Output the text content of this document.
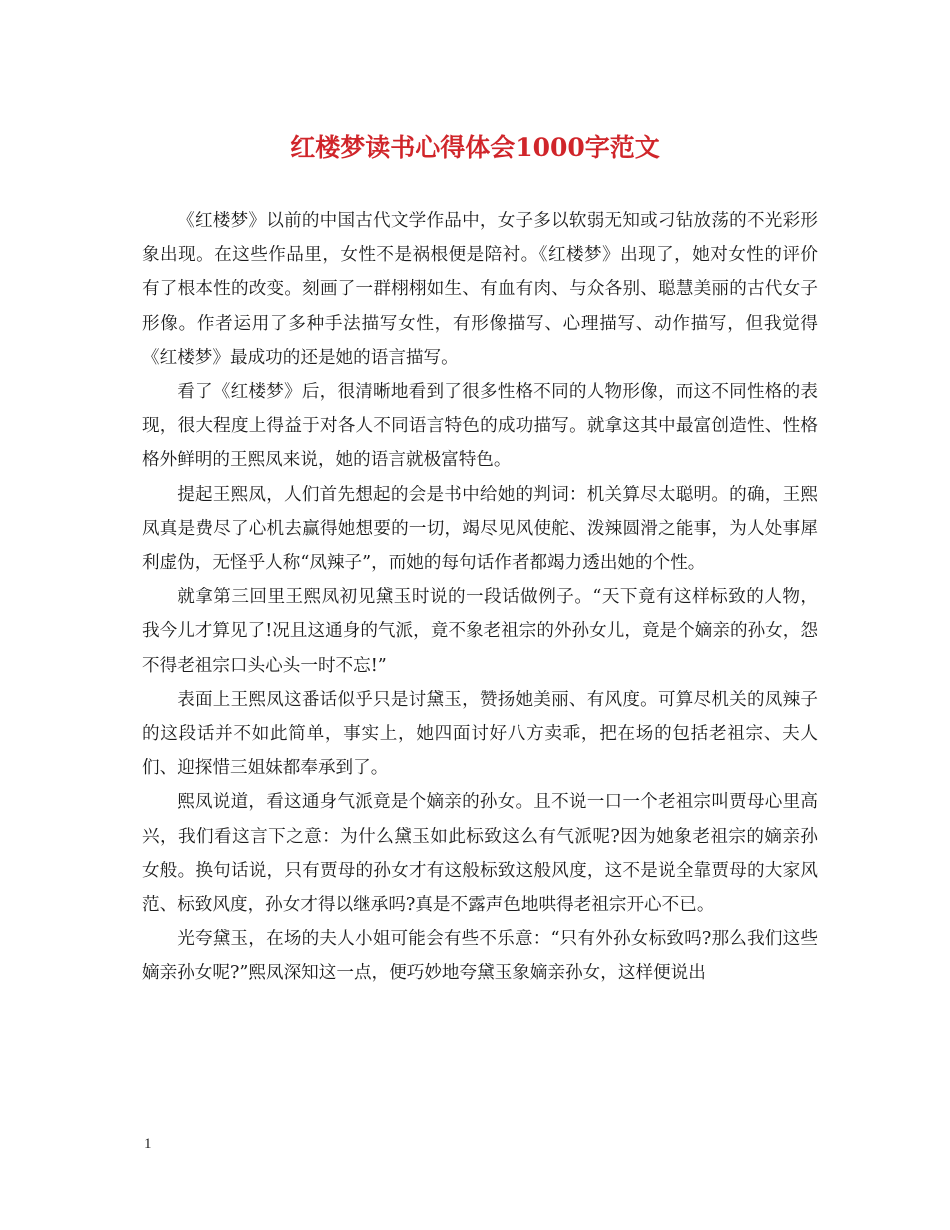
红楼梦读书心得体会1000字范文

《红楼梦》以前的中国古代文学作品中，女子多以软弱无知或刁钻放荡的不光彩形象出现。在这些作品里，女性不是祸根便是陪衬。《红楼梦》出现了，她对女性的评价有了根本性的改变。刻画了一群栩栩如生、有血有肉、与众各别、聪慧美丽的古代女子形像。作者运用了多种手法描写女性，有形像描写、心理描写、动作描写，但我觉得《红楼梦》最成功的还是她的语言描写。

看了《红楼梦》后，很清晰地看到了很多性格不同的人物形像，而这不同性格的表现，很大程度上得益于对各人不同语言特色的成功描写。就拿这其中最富创造性、性格格外鲜明的王熙凤来说，她的语言就极富特色。

提起王熙凤，人们首先想起的会是书中给她的判词：机关算尽太聪明。的确，王熙凤真是费尽了心机去赢得她想要的一切，竭尽见风使舵、泼辣圆滑之能事，为人处事犀利虚伪，无怪乎人称“凤辣子”，而她的每句话作者都竭力透出她的个性。

就拿第三回里王熙凤初见黛玉时说的一段话做例子。“天下竟有这样标致的人物，我今儿才算见了!况且这通身的气派，竟不象老祖宗的外孙女儿，竟是个嫡亲的孙女，怨不得老祖宗口头心头一时不忘!”

表面上王熙凤这番话似乎只是讨黛玉，赞扬她美丽、有风度。可算尽机关的凤辣子的这段话并不如此简单，事实上，她四面讨好八方卖乖，把在场的包括老祖宗、夫人们、迎探惜三姐妹都奉承到了。

熙凤说道，看这通身气派竟是个嫡亲的孙女。且不说一口一个老祖宗叫贾母心里高兴，我们看这言下之意：为什么黛玉如此标致这么有气派呢?因为她象老祖宗的嫡亲孙女般。换句话说，只有贾母的孙女才有这般标致这般风度，这不是说全靠贾母的大家风范、标致风度，孙女才得以继承吗?真是不露声色地哄得老祖宗开心不已。

光夸黛玉，在场的夫人小姐可能会有些不乐意：“只有外孙女标致吗?那么我们这些嫡亲孙女呢?”熙凤深知这一点，便巧妙地夸黛玉象嫡亲孙女，这样便说出

1
